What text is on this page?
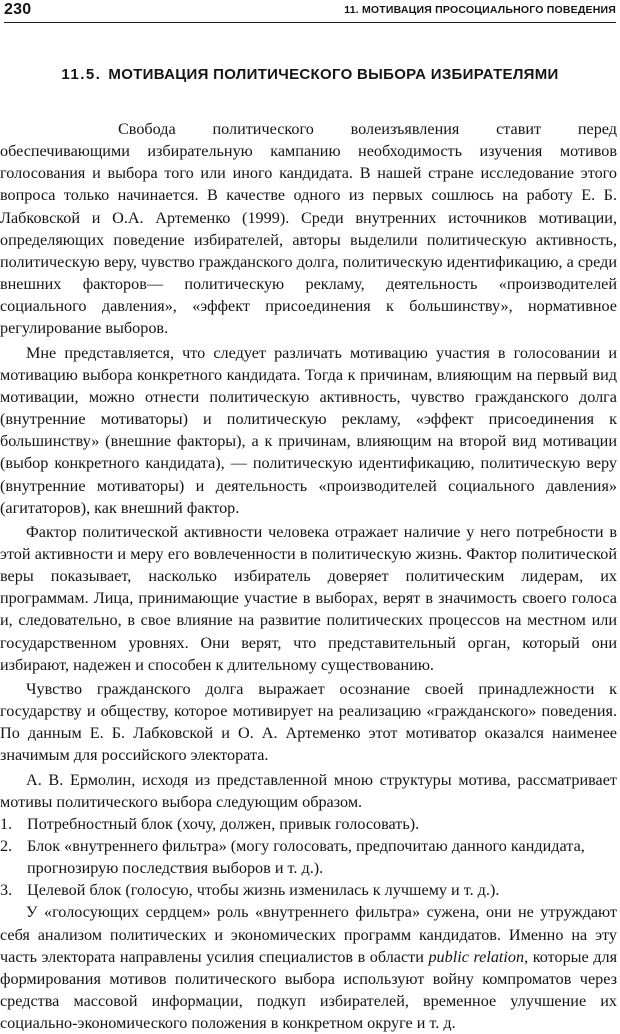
230	11. МОТИВАЦИЯ ПРОСОЦИАЛЬНОГО ПОВЕДЕНИЯ
11.5. МОТИВАЦИЯ ПОЛИТИЧЕСКОГО ВЫБОРА ИЗБИРАТЕЛЯМИ

Свобода политического волеизъявления ставит перед обеспечивающими избирательную кампанию необходимость изучения мотивов голосования и выбора того или иного кандидата. В нашей стране исследование этого вопроса только начинается. В качестве одного из первых сошлюсь на работу Е. Б. Лабковской и О.А. Артеменко (1999). Среди внутренних источников мотивации, определяющих поведение избирателей, авторы выделили политическую активность, политическую веру, чувство гражданского долга, политическую идентификацию, а среди внешних факторов— политическую рекламу, деятельность «производителей социального давления», «эффект присоединения к большинству», нормативное регулирование выборов.

Мне представляется, что следует различать мотивацию участия в голосовании и мотивацию выбора конкретного кандидата. Тогда к причинам, влияющим на первый вид мотивации, можно отнести политическую активность, чувство гражданского долга (внутренние мотиваторы) и политическую рекламу, «эффект присоединения к большинству» (внешние факторы), а к причинам, влияющим на второй вид мотивации (выбор конкретного кандидата), — политическую идентификацию, политическую веру (внутренние мотиваторы) и деятельность «производителей социального давления» (агитаторов), как внешний фактор.

Фактор политической активности человека отражает наличие у него потребности в этой активности и меру его вовлеченности в политическую жизнь. Фактор политической веры показывает, насколько избиратель доверяет политическим лидерам, их программам. Лица, принимающие участие в выборах, верят в значимость своего голоса и, следовательно, в свое влияние на развитие политических процессов на местном или государственном уровнях. Они верят, что представительный орган, который они избирают, надежен и способен к длительному существованию.

Чувство гражданского долга выражает осознание своей принадлежности к государству и обществу, которое мотивирует на реализацию «гражданского» поведения. По данным Е. Б. Лабковской и О. А. Артеменко этот мотиватор оказался наименее значимым для российского электората.

А. В. Ермолин, исходя из представленной мною структуры мотива, рассматривает мотивы политического выбора следующим образом.

1. Потребностный блок (хочу, должен, привык голосовать).

2. Блок «внутреннего фильтра» (могу голосовать, предпочитаю данного кандидата, прогнозирую последствия выборов и т. д.).

3. Целевой блок (голосую, чтобы жизнь изменилась к лучшему и т. д.).

У «голосующих сердцем» роль «внутреннего фильтра» сужена, они не утруждают себя анализом политических и экономических программ кандидатов. Именно на эту часть электората направлены усилия специалистов в области public relation, которые для формирования мотивов политического выбора используют войну компроматов через средства массовой информации, подкуп избирателей, временное улучшение их социально-экономического положения в конкретном округе и т. д.
